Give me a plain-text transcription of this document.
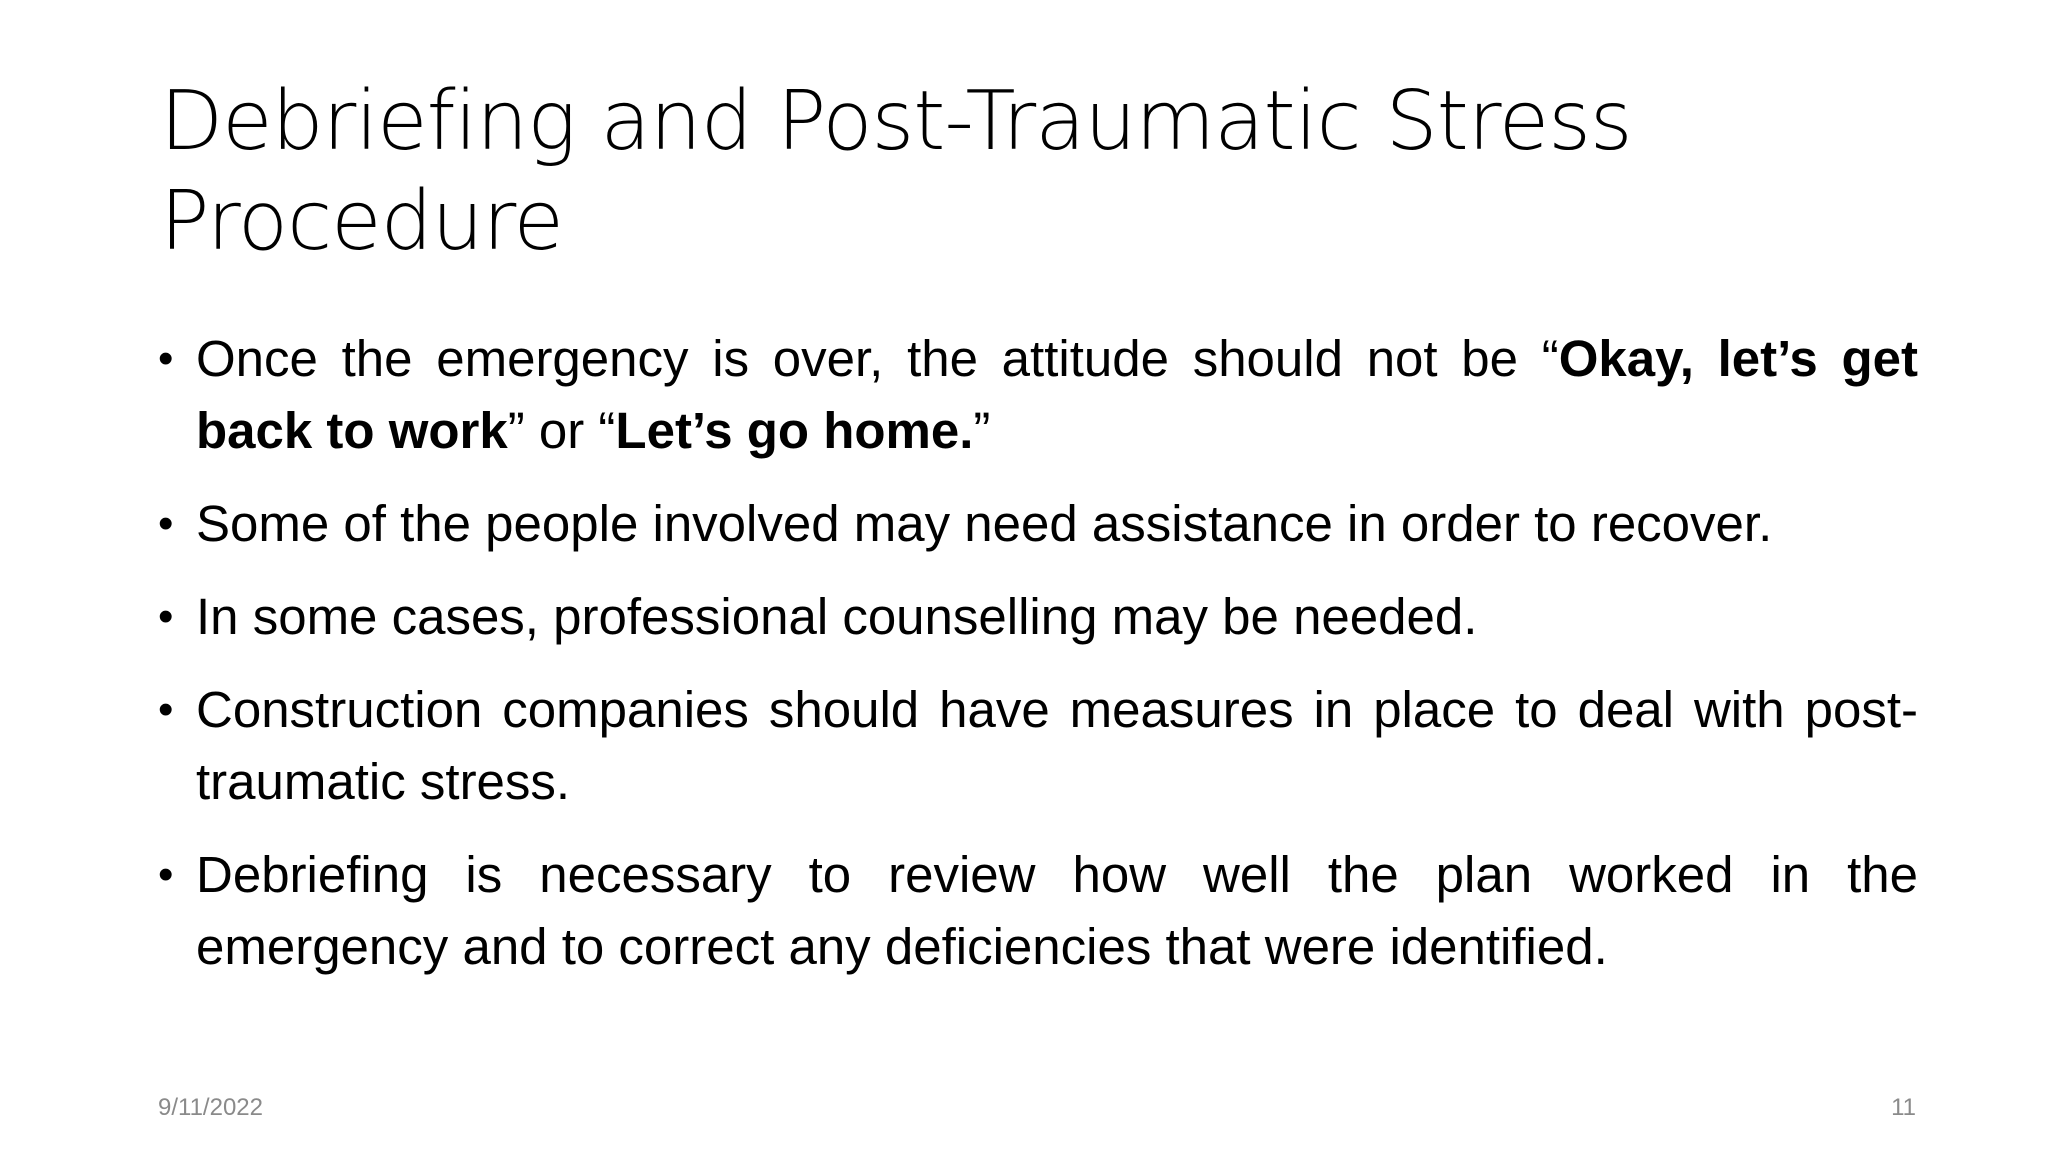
Debriefing and Post-Traumatic Stress
Procedure
• Once the emergency is over, the attitude should not be “Okay, let’s get back to work” or “Let’s go home.”
• Some of the people involved may need assistance in order to recover.
• In some cases, professional counselling may be needed.
• Construction companies should have measures in place to deal with post-traumatic stress.
• Debriefing is necessary to review how well the plan worked in the emergency and to correct any deficiencies that were identified.
9/11/2022	11
